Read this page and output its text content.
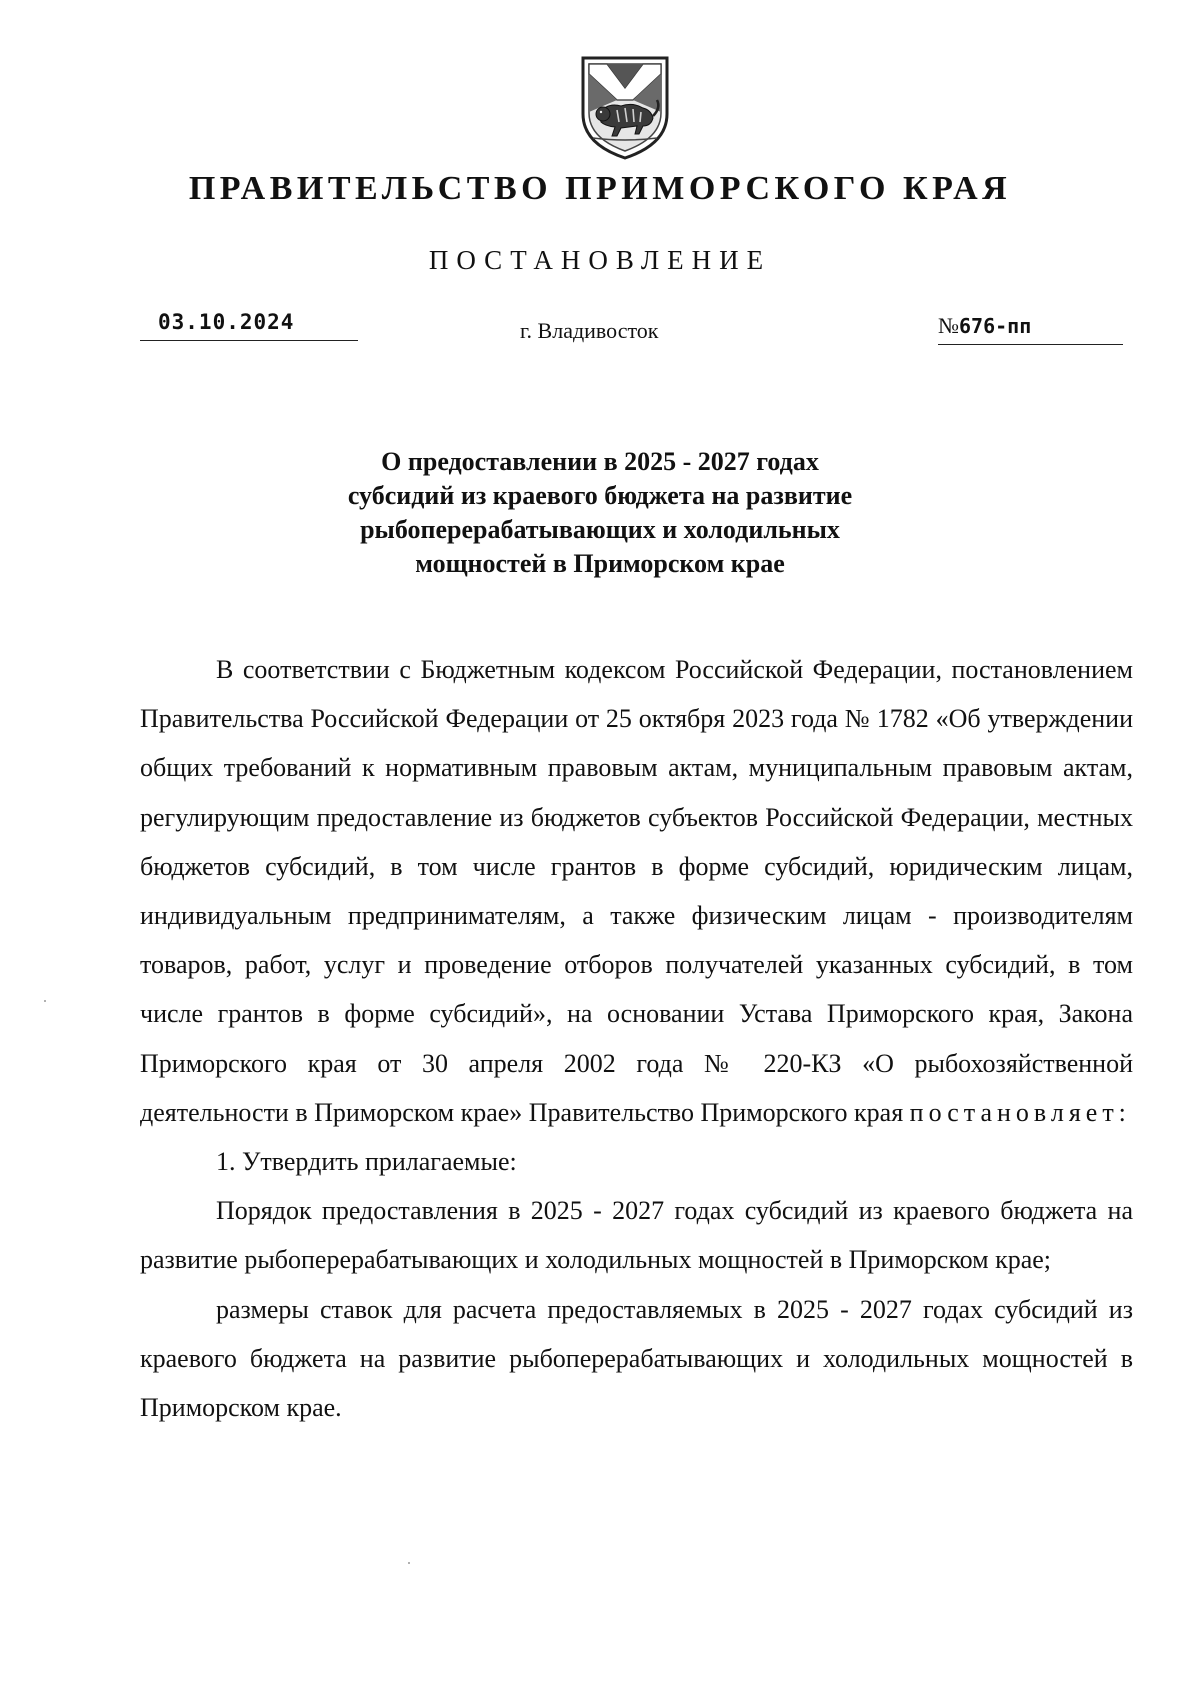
ПРАВИТЕЛЬСТВО ПРИМОРСКОГО КРАЯ
ПОСТАНОВЛЕНИЕ
03.10.2024	г. Владивосток	№676-пп
О предоставлении в 2025 - 2027 годах
субсидий из краевого бюджета на развитие
рыбоперерабатывающих и холодильных
мощностей в Приморском крае

В соответствии с Бюджетным кодексом Российской Федерации, постановлением Правительства Российской Федерации от 25 октября 2023 года № 1782 «Об утверждении общих требований к нормативным правовым актам, муниципальным правовым актам, регулирующим предоставление из бюджетов субъектов Российской Федерации, местных бюджетов субсидий, в том числе грантов в форме субсидий, юридическим лицам, индивидуальным предпринимателям, а также физическим лицам - производителям товаров, работ, услуг и проведение отборов получателей указанных субсидий, в том числе грантов в форме субсидий», на основании Устава Приморского края, Закона Приморского края от 30 апреля 2002 года № 220-КЗ «О рыбохозяйственной деятельности в Приморском крае» Правительство Приморского края постановляет:

1. Утвердить прилагаемые:

Порядок предоставления в 2025 - 2027 годах субсидий из краевого бюджета на развитие рыбоперерабатывающих и холодильных мощностей в Приморском крае;

размеры ставок для расчета предоставляемых в 2025 - 2027 годах субсидий из краевого бюджета на развитие рыбоперерабатывающих и холодильных мощностей в Приморском крае.
